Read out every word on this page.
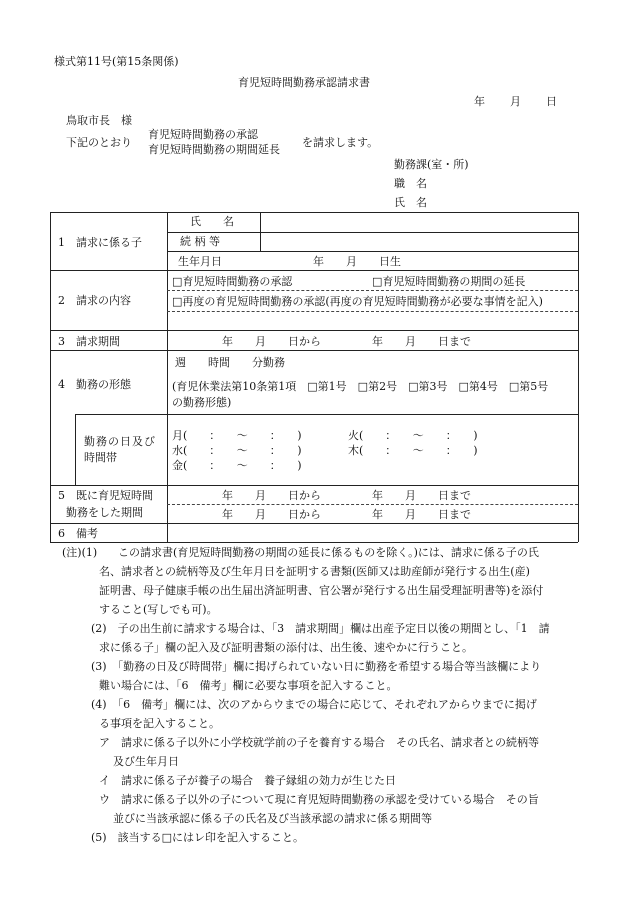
様式第11号(第15条関係)
育児短時間勤務承認請求書
年 月 日
鳥取市長　様
下記のとおり
育児短時間勤務の承認
育児短時間勤務の期間延長
を請求します。
勤務課(室・所)
職　名
氏　名
1　請求に係る子
氏　　名
続 柄 等
生年月日	年　　月　　日生
2　請求の内容
□育児短時間勤務の承認	□育児短時間勤務の期間の延長
□再度の育児短時間勤務の承認(再度の育児短時間勤務が必要な事情を記入)
3　請求期間	年　　月　　日から	年　　月　　日まで
4　勤務の形態
週　　時間　　分勤務
(育児休業法第10条第1項　□第1号　□第2号　□第3号　□第4号　□第5号
の勤務形態)
勤務の日及び
時間帯
月(　　：　　〜　　：　　)	火(　　：　　〜　　：　　)
水(　　：　　〜　　：　　)	木(　　：　　〜　　：　　)
金(　　：　　〜　　：　　)
5　既に育児短時間
勤務をした期間
年　　月　　日から	年　　月　　日まで
年　　月　　日から	年　　月　　日まで
6　備考
(注)(1) この請求書(育児短時間勤務の期間の延長に係るものを除く。)には、請求に係る子の氏
名、請求者との続柄等及び生年月日を証明する書類(医師又は助産師が発行する出生(産)
証明書、母子健康手帳の出生届出済証明書、官公署が発行する出生届受理証明書等)を添付
すること(写しでも可)。
(2)　子の出生前に請求する場合は、「3　請求期間」欄は出産予定日以後の期間とし、「1　請
求に係る子」欄の記入及び証明書類の添付は、出生後、速やかに行うこと。
(3)　「勤務の日及び時間帯」欄に掲げられていない日に勤務を希望する場合等当該欄により
難い場合には、「6　備考」欄に必要な事項を記入すること。
(4)　「6　備考」欄には、次のアからウまでの場合に応じて、それぞれアからウまでに掲げ
る事項を記入すること。
ア　請求に係る子以外に小学校就学前の子を養育する場合　その氏名、請求者との続柄等
及び生年月日
イ　請求に係る子が養子の場合　養子縁組の効力が生じた日
ウ　請求に係る子以外の子について現に育児短時間勤務の承認を受けている場合　その旨
並びに当該承認に係る子の氏名及び当該承認の請求に係る期間等
(5)　該当する□にはレ印を記入すること。
